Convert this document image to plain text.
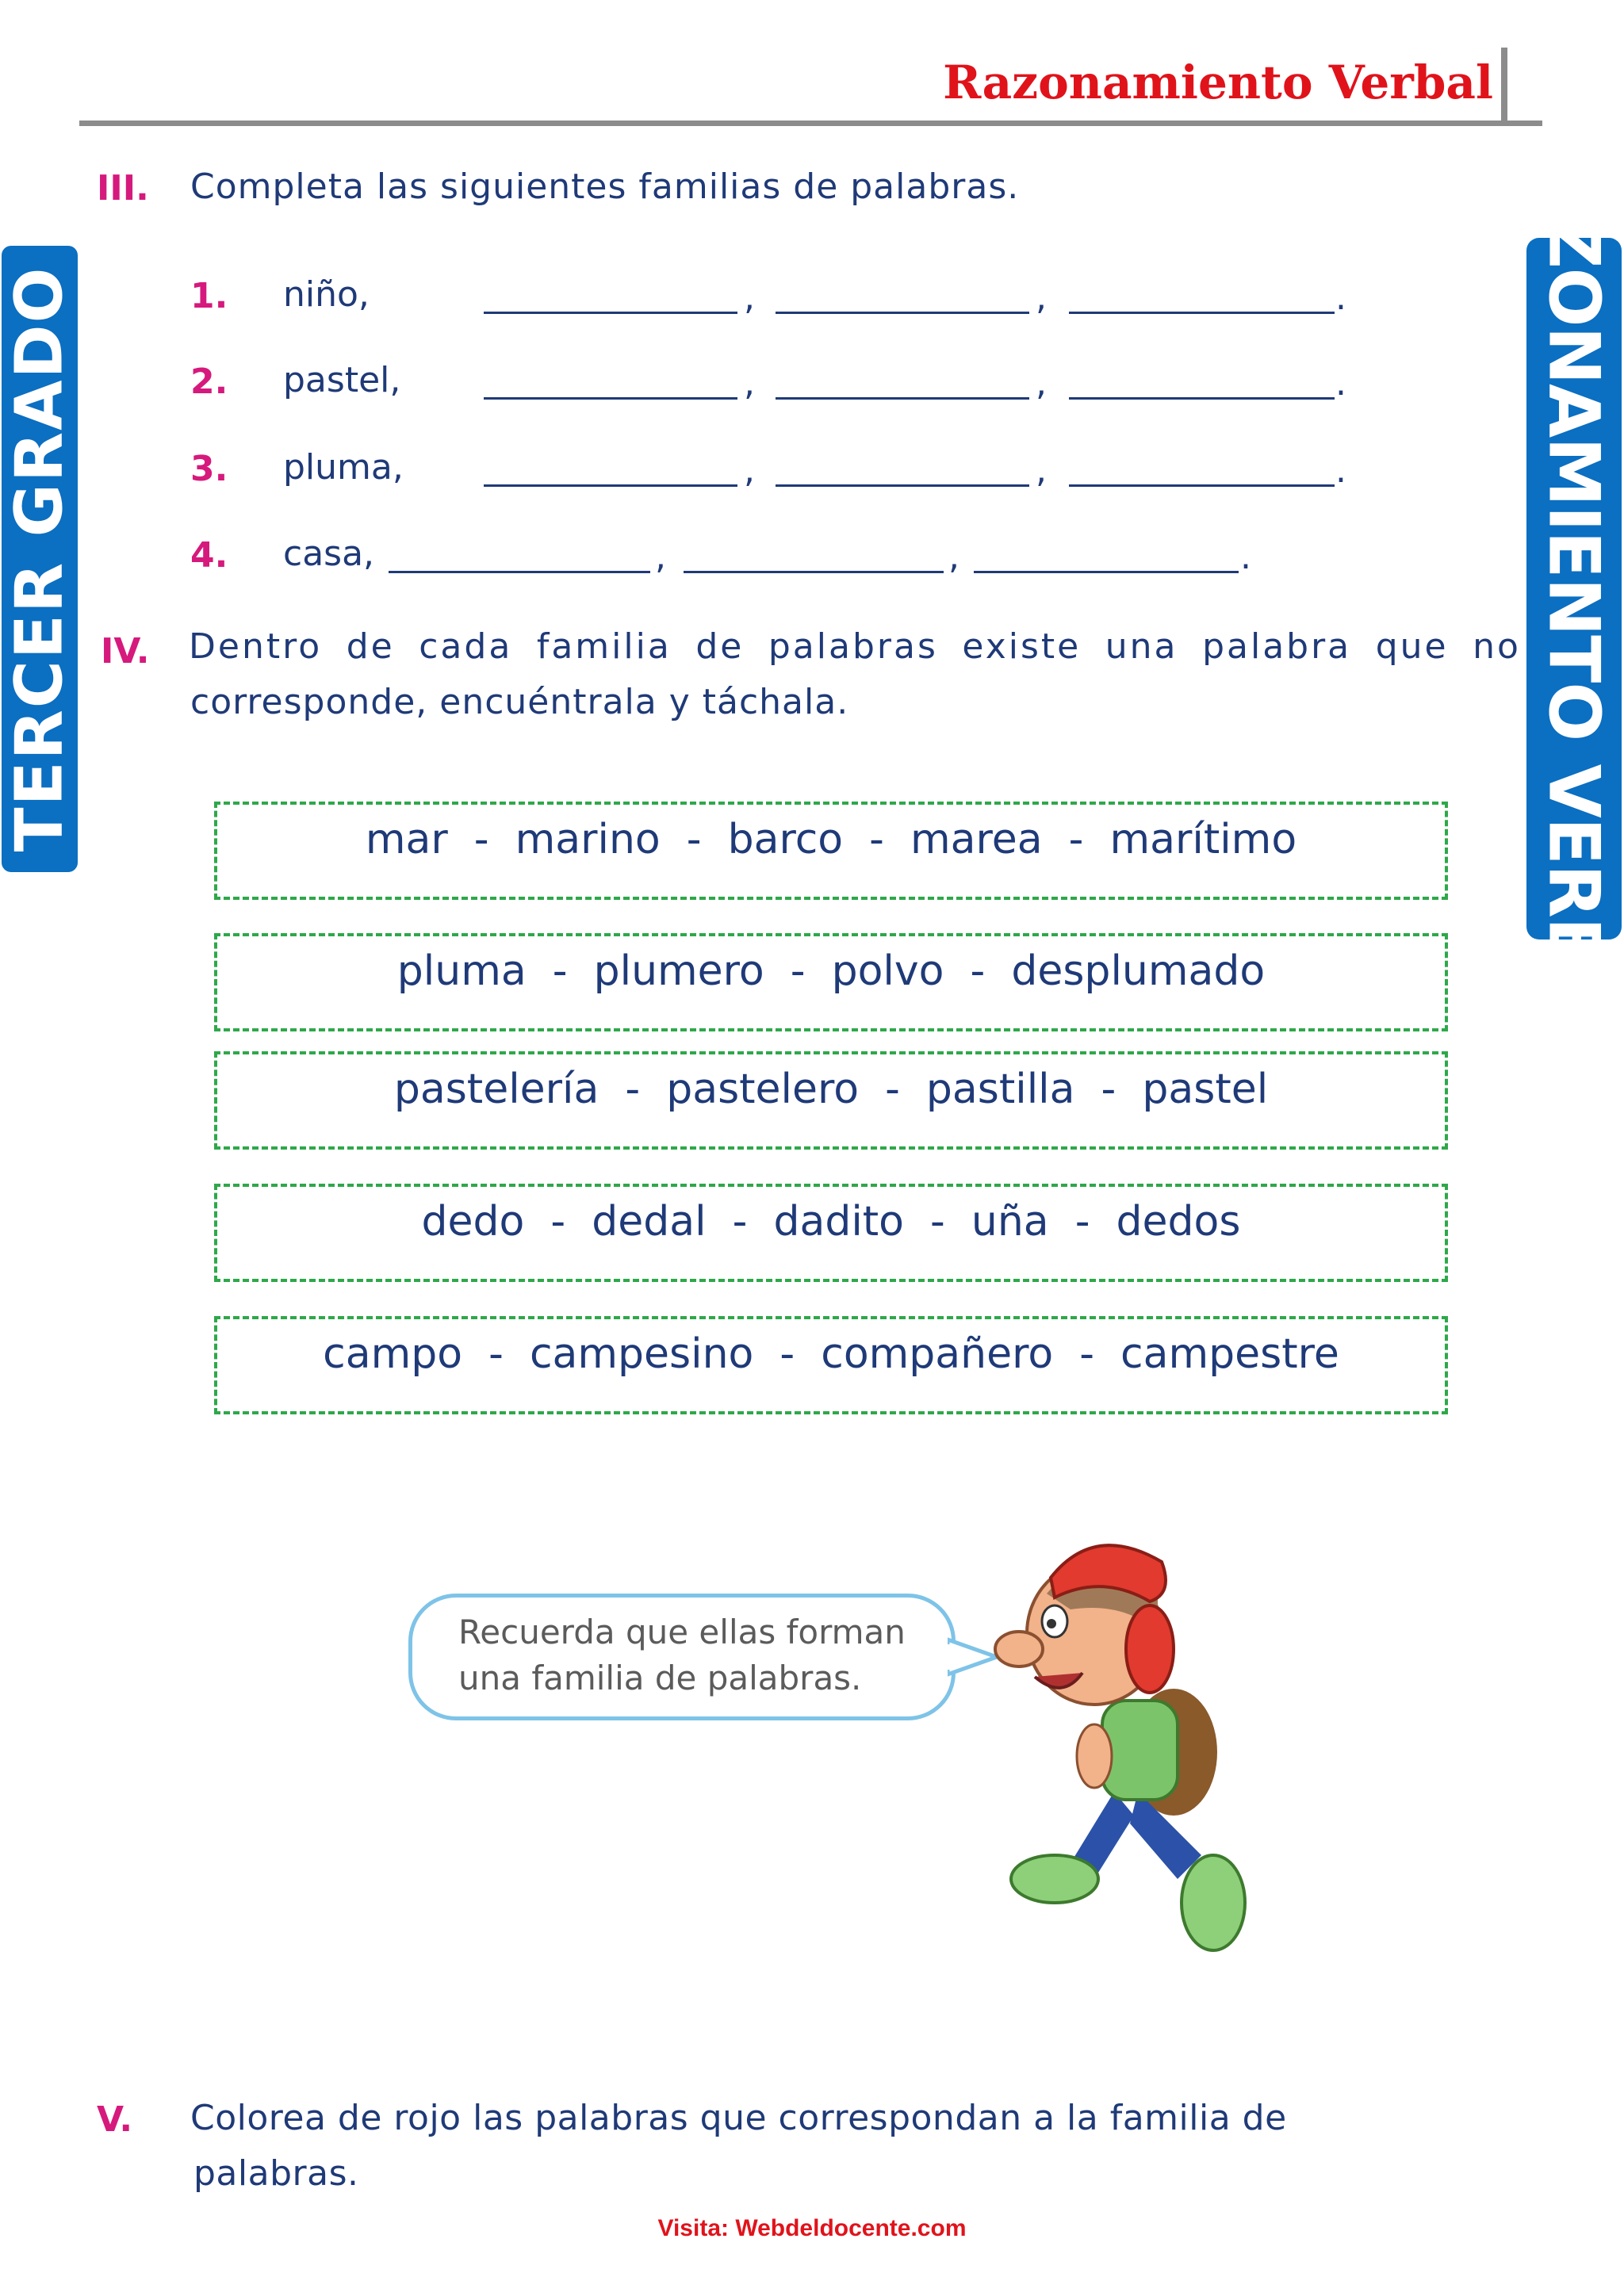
Razonamiento Verbal
TERCER GRADO	RAZONAMIENTO VERBAL
III. Completa las siguientes familias de palabras.
1. niño,	,	,	.
2. pastel,	,	,	.
3. pluma,	,	,	.
4. casa,	,	,	.
IV. Dentro de cada familia de palabras existe una palabra que no
corresponde, encuéntrala y táchala.
mar  -  marino  -  barco  -  marea  -  marítimo
pluma  -  plumero  -  polvo  -  desplumado
pastelería  -  pastelero  -  pastilla  -  pastel
dedo  -  dedal  -  dadito  -  uña  -  dedos
campo  -  campesino  -  compañero  -  campestre
Recuerda que ellas forman
una familia de palabras.
V. Colorea de rojo las palabras que correspondan a la familia de
palabras.
Visita: Webdeldocente.com
